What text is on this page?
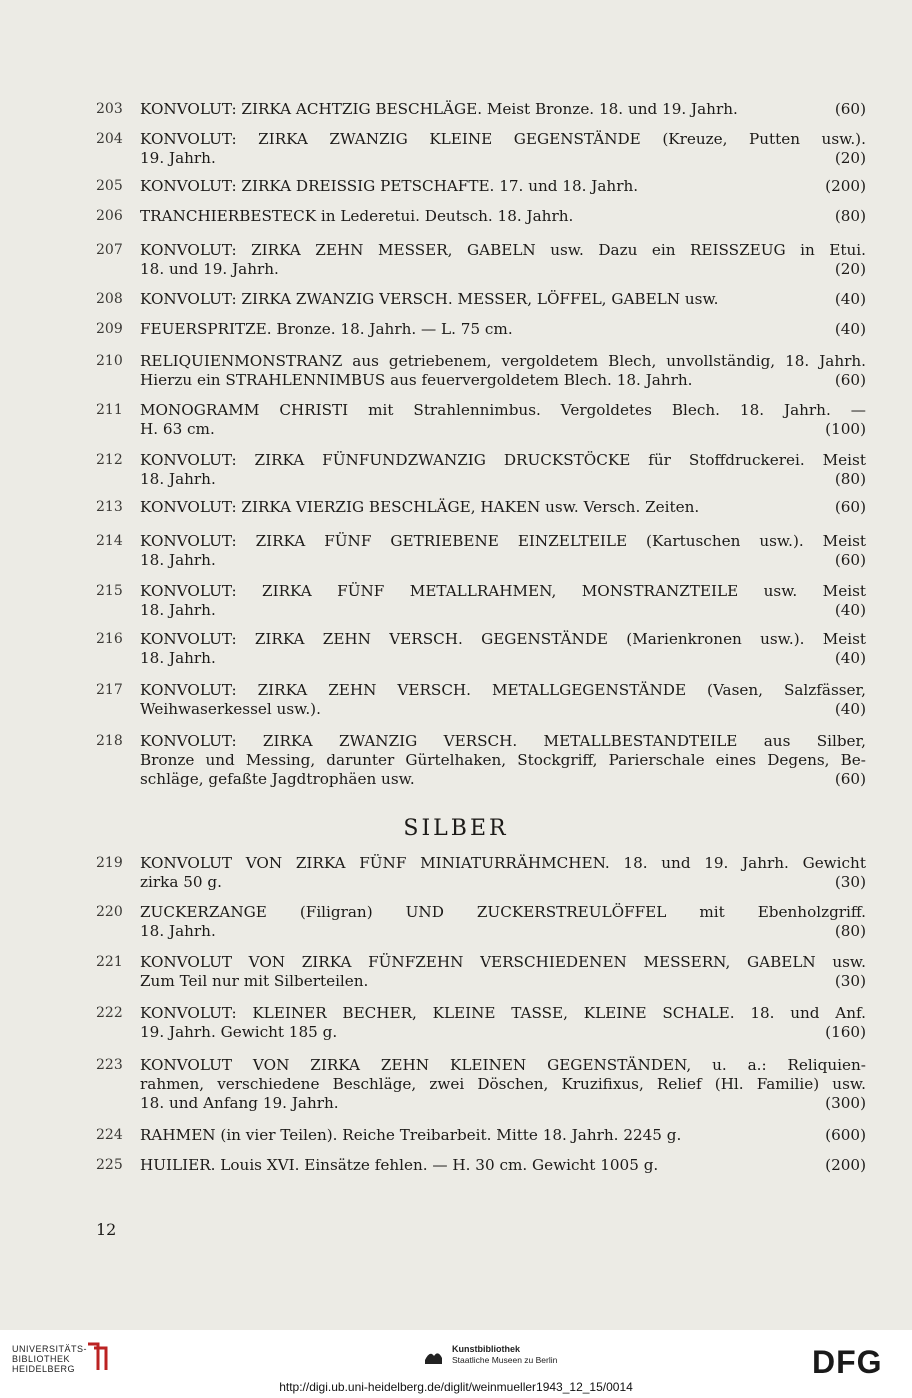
203	KONVOLUT: ZIRKA ACHTZIG BESCHLÄGE. Meist Bronze. 18. und 19. Jahrh.	(60)
204	KONVOLUT: ZIRKA ZWANZIG KLEINE GEGENSTÄNDE (Kreuze, Putten usw.).
19. Jahrh.	(20)
205	KONVOLUT: ZIRKA DREISSIG PETSCHAFTE. 17. und 18. Jahrh.	(200)
206	TRANCHIERBESTECK in Lederetui. Deutsch. 18. Jahrh.	(80)
207	KONVOLUT: ZIRKA ZEHN MESSER, GABELN usw. Dazu ein REISSZEUG in Etui.
18. und 19. Jahrh.	(20)
208	KONVOLUT: ZIRKA ZWANZIG VERSCH. MESSER, LÖFFEL, GABELN usw.	(40)
209	FEUERSPRITZE. Bronze. 18. Jahrh. — L. 75 cm.	(40)
210	RELIQUIENMONSTRANZ aus getriebenem, vergoldetem Blech, unvollständig, 18. Jahrh.
Hierzu ein STRAHLENNIMBUS aus feuervergoldetem Blech. 18. Jahrh.	(60)
211	MONOGRAMM CHRISTI mit Strahlennimbus. Vergoldetes Blech. 18. Jahrh. —
H. 63 cm.	(100)
212	KONVOLUT: ZIRKA FÜNFUNDZWANZIG DRUCKSTÖCKE für Stoffdruckerei. Meist
18. Jahrh.	(80)
213	KONVOLUT: ZIRKA VIERZIG BESCHLÄGE, HAKEN usw. Versch. Zeiten.	(60)
214	KONVOLUT: ZIRKA FÜNF GETRIEBENE EINZELTEILE (Kartuschen usw.). Meist
18. Jahrh.	(60)
215	KONVOLUT: ZIRKA FÜNF METALLRAHMEN, MONSTRANZTEILE usw. Meist
18. Jahrh.	(40)
216	KONVOLUT: ZIRKA ZEHN VERSCH. GEGENSTÄNDE (Marienkronen usw.). Meist
18. Jahrh.	(40)
217	KONVOLUT: ZIRKA ZEHN VERSCH. METALLGEGENSTÄNDE (Vasen, Salzfässer,
Weihwaserkessel usw.).	(40)
218	KONVOLUT: ZIRKA ZWANZIG VERSCH. METALLBESTANDTEILE aus Silber,
Bronze und Messing, darunter Gürtelhaken, Stockgriff, Parierschale eines Degens, Be-
schläge, gefaßte Jagdtrophäen usw.	(60)
219	KONVOLUT VON ZIRKA FÜNF MINIATURRÄHMCHEN. 18. und 19. Jahrh. Gewicht
zirka 50 g.	(30)
220	ZUCKERZANGE (Filigran) UND ZUCKERSTREULÖFFEL mit Ebenholzgriff.
18. Jahrh.	(80)
221	KONVOLUT VON ZIRKA FÜNFZEHN VERSCHIEDENEN MESSERN, GABELN usw.
Zum Teil nur mit Silberteilen.	(30)
222	KONVOLUT: KLEINER BECHER, KLEINE TASSE, KLEINE SCHALE. 18. und Anf.
19. Jahrh. Gewicht 185 g.	(160)
223	KONVOLUT VON ZIRKA ZEHN KLEINEN GEGENSTÄNDEN, u. a.: Reliquien-
rahmen, verschiedene Beschläge, zwei Döschen, Kruzifixus, Relief (Hl. Familie) usw.
18. und Anfang 19. Jahrh.	(300)
224	RAHMEN (in vier Teilen). Reiche Treibarbeit. Mitte 18. Jahrh. 2245 g.	(600)
225	HUILIER. Louis XVI. Einsätze fehlen. — H. 30 cm. Gewicht 1005 g.	(200)
SILBER
12
UNIVERSITÄTS-
BIBLIOTHEK
HEIDELBERG
Kunstbibliothek
Staatliche Museen zu Berlin	DFG
http://digi.ub.uni-heidelberg.de/diglit/weinmueller1943_12_15/0014
